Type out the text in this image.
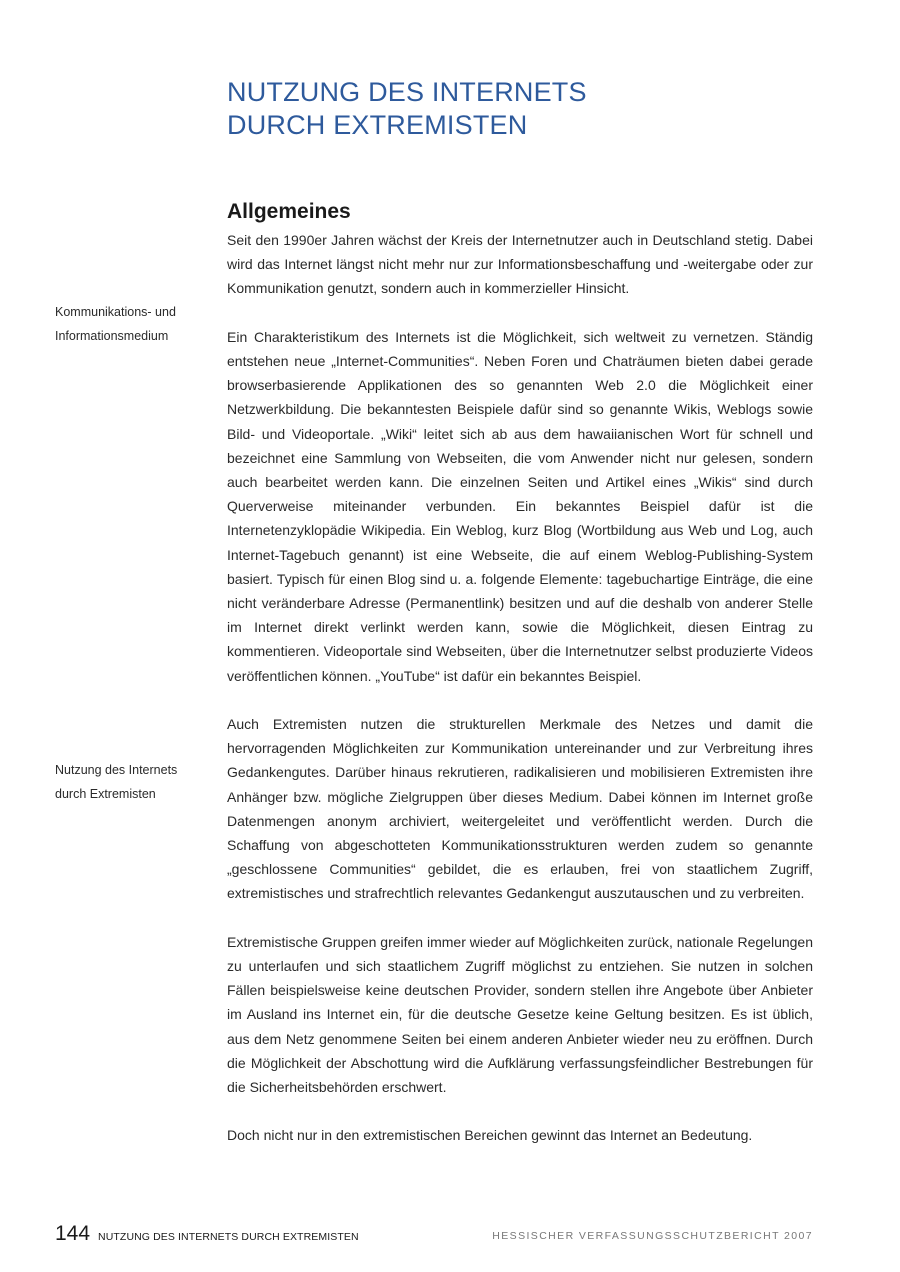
NUTZUNG DES INTERNETS
DURCH EXTREMISTEN
Allgemeines
Kommunikations- und
Informationsmedium
Nutzung des Internets
durch Extremisten

Seit den 1990er Jahren wächst der Kreis der Internetnutzer auch in Deutschland stetig. Dabei wird das Internet längst nicht mehr nur zur Informationsbeschaffung und -weitergabe oder zur Kommunikation genutzt, sondern auch in kommerzieller Hinsicht.

Ein Charakteristikum des Internets ist die Möglichkeit, sich weltweit zu vernetzen. Ständig entstehen neue „Internet-Communities“. Neben Foren und Chaträumen bieten dabei gerade browserbasierende Applikationen des so genannten Web 2.0 die Möglichkeit einer Netzwerkbildung. Die bekanntesten Beispiele dafür sind so genannte Wikis, Weblogs sowie Bild- und Videoportale. „Wiki“ leitet sich ab aus dem hawaiianischen Wort für schnell und bezeichnet eine Sammlung von Webseiten, die vom Anwender nicht nur gelesen, sondern auch bearbeitet werden kann. Die einzelnen Seiten und Artikel eines „Wikis“ sind durch Querverweise miteinander verbunden. Ein bekanntes Beispiel dafür ist die Internetenzyklopädie Wikipedia. Ein Weblog, kurz Blog (Wortbildung aus Web und Log, auch Internet-Tagebuch genannt) ist eine Webseite, die auf einem Weblog-Publishing-System basiert. Typisch für einen Blog sind u. a. folgende Elemente: tagebuchartige Einträge, die eine nicht veränderbare Adresse (Permanentlink) besitzen und auf die deshalb von anderer Stelle im Internet direkt verlinkt werden kann, sowie die Möglichkeit, diesen Eintrag zu kommentieren. Videoportale sind Webseiten, über die Internetnutzer selbst produzierte Videos veröffentlichen können. „YouTube“ ist dafür ein bekanntes Beispiel.

Auch Extremisten nutzen die strukturellen Merkmale des Netzes und damit die hervorragenden Möglichkeiten zur Kommunikation untereinander und zur Verbreitung ihres Gedankengutes. Darüber hinaus rekrutieren, radikalisieren und mobilisieren Extremisten ihre Anhänger bzw. mögliche Zielgruppen über dieses Medium. Dabei können im Internet große Datenmengen anonym archiviert, weitergeleitet und veröffentlicht werden. Durch die Schaffung von abgeschotteten Kommunikationsstrukturen werden zudem so genannte „geschlossene Communities“ gebildet, die es erlauben, frei von staatlichem Zugriff, extremistisches und strafrechtlich relevantes Gedankengut auszutauschen und zu verbreiten.

Extremistische Gruppen greifen immer wieder auf Möglichkeiten zurück, nationale Regelungen zu unterlaufen und sich staatlichem Zugriff möglichst zu entziehen. Sie nutzen in solchen Fällen beispielsweise keine deutschen Provider, sondern stellen ihre Angebote über Anbieter im Ausland ins Internet ein, für die deutsche Gesetze keine Geltung besitzen. Es ist üblich, aus dem Netz genommene Seiten bei einem anderen Anbieter wieder neu zu eröffnen. Durch die Möglichkeit der Abschottung wird die Aufklärung verfassungsfeindlicher Bestrebungen für die Sicherheitsbehörden erschwert.

Doch nicht nur in den extremistischen Bereichen gewinnt das Internet an Bedeutung.

144 NUTZUNG DES INTERNETS DURCH EXTREMISTEN	HESSISCHER VERFASSUNGSSCHUTZBERICHT 2007
